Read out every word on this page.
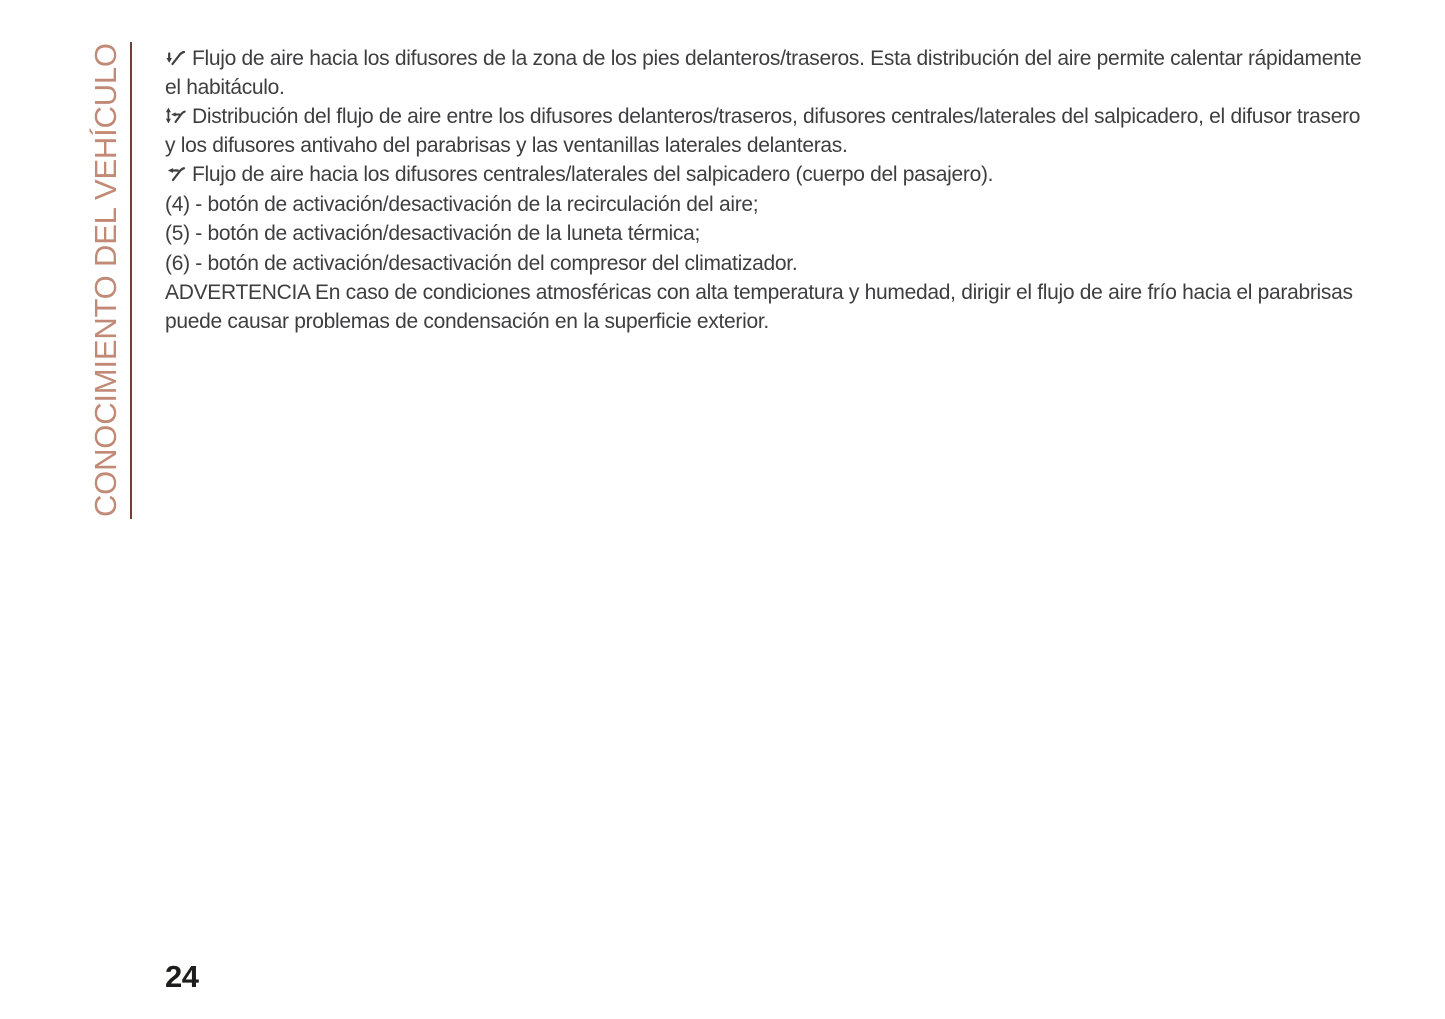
CONOCIMIENTO DEL VEHÍCULO	Flujo de aire hacia los difusores de la zona de los pies delanteros/traseros. Esta distribución del aire permite calentar rápidamente el habitáculo.

Distribución del flujo de aire entre los difusores delanteros/traseros, difusores centrales/laterales del salpicadero, el difusor trasero y los difusores antivaho del parabrisas y las ventanillas laterales delanteras.

Flujo de aire hacia los difusores centrales/laterales del salpicadero (cuerpo del pasajero).

(4) - botón de activación/desactivación de la recirculación del aire;

(5) - botón de activación/desactivación de la luneta térmica;

(6) - botón de activación/desactivación del compresor del climatizador.

ADVERTENCIA En caso de condiciones atmosféricas con alta temperatura y humedad, dirigir el flujo de aire frío hacia el parabrisas puede causar problemas de condensación en la superficie exterior.

24
